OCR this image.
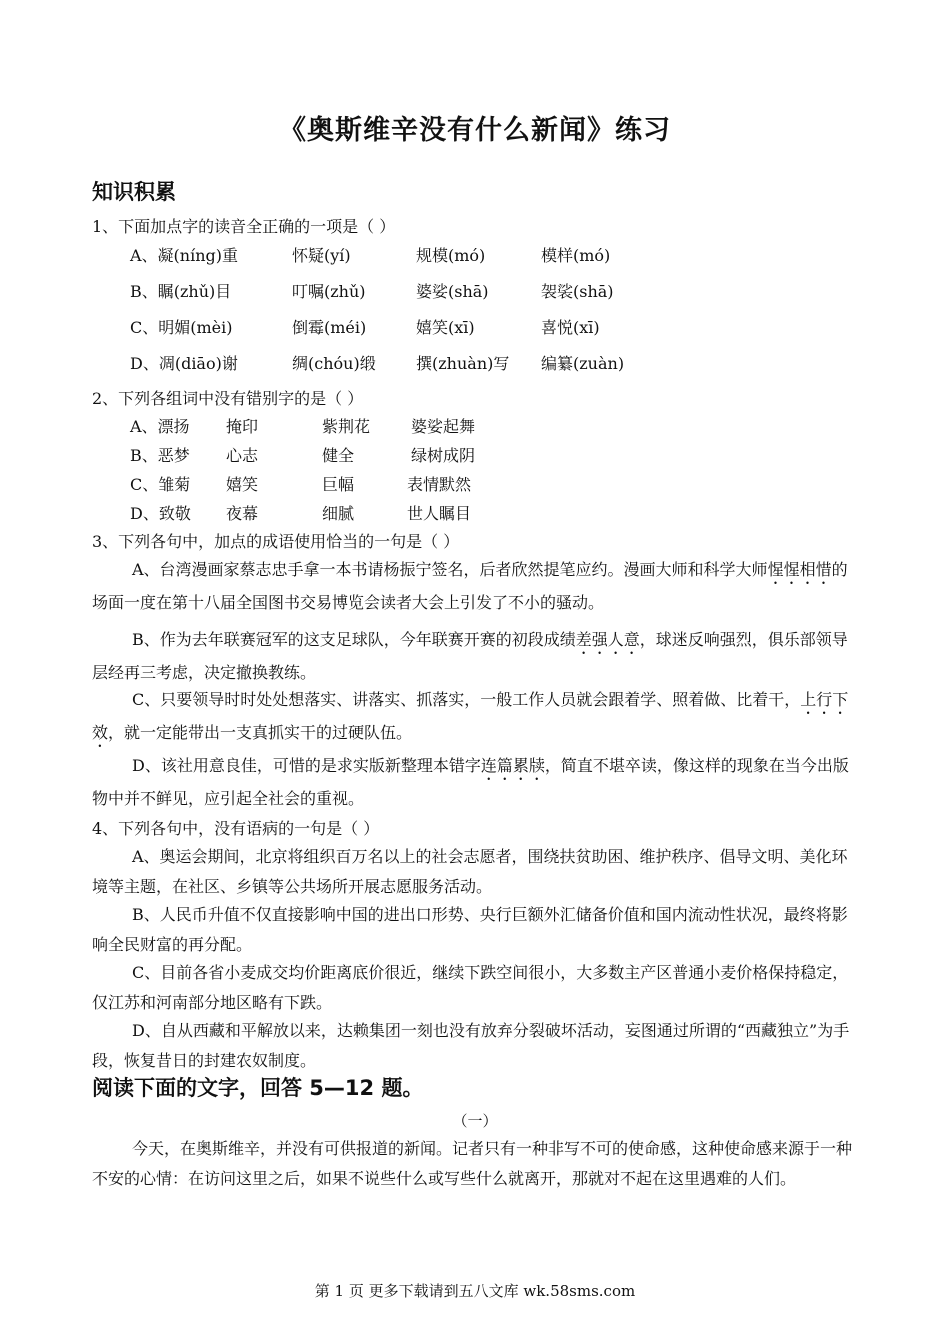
《奥斯维辛没有什么新闻》练习
知识积累
1、下面加点字的读音全正确的一项是（ ）
A、凝(níng)重	怀疑(yí)	规模(mó)	模样(mó)
B、瞩(zhǔ)目	叮嘱(zhǔ)	婆娑(shā)	袈裟(shā)
C、明媚(mèi)	倒霉(méi)	嬉笑(xī)	喜悦(xī)
D、凋(diāo)谢	绸(chóu)缎	撰(zhuàn)写 编纂(zuàn)
2、下列各组词中没有错别字的是（ ）
A、漂扬 掩印	紫荆花	婆娑起舞
B、恶梦 心志	健全	绿树成阴
C、雏菊 嬉笑	巨幅	表情默然
D、致敬 夜幕	细腻	世人瞩目
3、下列各句中，加点的成语使用恰当的一句是（ ）
A、台湾漫画家蔡志忠手拿一本书请杨振宁签名，后者欣然提笔应约。漫画大师和科学大师惺惺相惜的场面一度在第十八届全国图书交易博览会读者大会上引发了不小的骚动。
B、作为去年联赛冠军的这支足球队，今年联赛开赛的初段成绩差强人意，球迷反响强烈，俱乐部领导层经再三考虑，决定撤换教练。
C、只要领导时时处处想落实、讲落实、抓落实，一般工作人员就会跟着学、照着做、比着干，上行下效，就一定能带出一支真抓实干的过硬队伍。
D、该社用意良佳，可惜的是求实版新整理本错字连篇累牍，简直不堪卒读，像这样的现象在当今出版物中并不鲜见，应引起全社会的重视。
4、下列各句中，没有语病的一句是（ ）
A、奥运会期间，北京将组织百万名以上的社会志愿者，围绕扶贫助困、维护秩序、倡导文明、美化环境等主题，在社区、乡镇等公共场所开展志愿服务活动。
B、人民币升值不仅直接影响中国的进出口形势、央行巨额外汇储备价值和国内流动性状况，最终将影响全民财富的再分配。
C、目前各省小麦成交均价距离底价很近，继续下跌空间很小，大多数主产区普通小麦价格保持稳定，仅江苏和河南部分地区略有下跌。
D、自从西藏和平解放以来，达赖集团一刻也没有放弃分裂破坏活动，妄图通过所谓的“西藏独立”为手段，恢复昔日的封建农奴制度。
阅读下面的文字，回答 5—12 题。
（一）
今天，在奥斯维辛，并没有可供报道的新闻。记者只有一种非写不可的使命感，这种使命感来源于一种不安的心情：在访问这里之后，如果不说些什么或写些什么就离开，那就对不起在这里遇难的人们。
第 1 页 更多下载请到五八文库 wk.58sms.com
